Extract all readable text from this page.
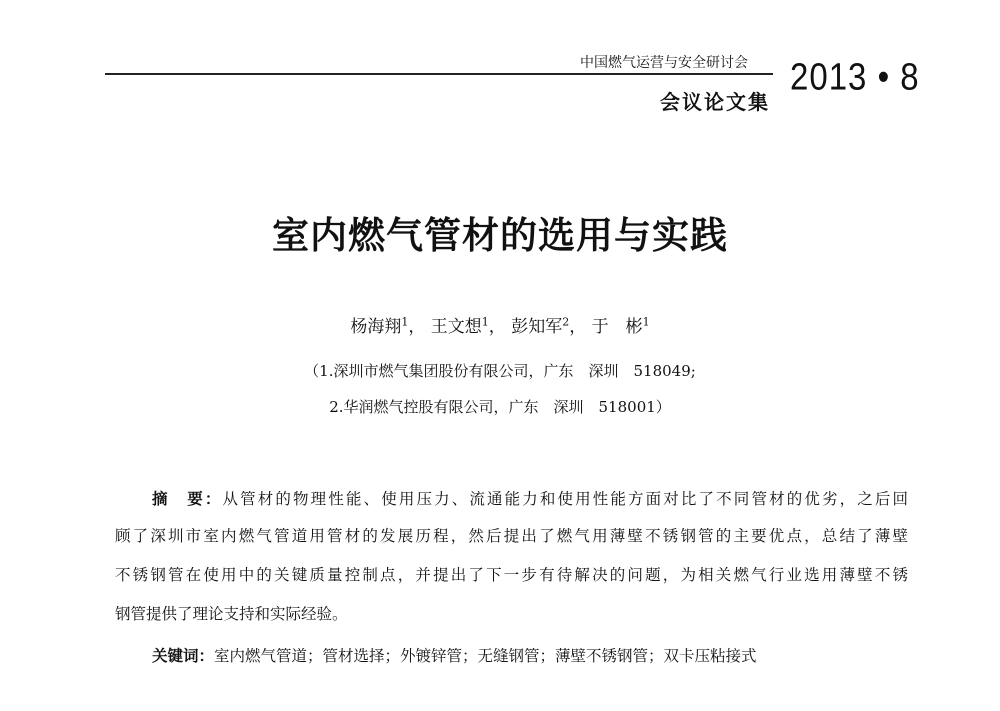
中国燃气运营与安全研讨会 2013 • 8
会议论文集
室内燃气管材的选用与实践
杨海翔$^1$， 王文想$^1$， 彭知军$^2$， 于　彬$^1$
（1.深圳市燃气集团股份有限公司，广东　深圳　518049;
2.华润燃气控股有限公司，广东　深圳　518001）
摘　要：从管材的物理性能、使用压力、流通能力和使用性能方面对比了不同管材的优劣，之后回
顾了深圳市室内燃气管道用管材的发展历程，然后提出了燃气用薄壁不锈钢管的主要优点，总结了薄壁
不锈钢管在使用中的关键质量控制点，并提出了下一步有待解决的问题，为相关燃气行业选用薄壁不锈
钢管提供了理论支持和实际经验。
关键词：室内燃气管道；管材选择；外镀锌管；无缝钢管；薄壁不锈钢管；双卡压粘接式
